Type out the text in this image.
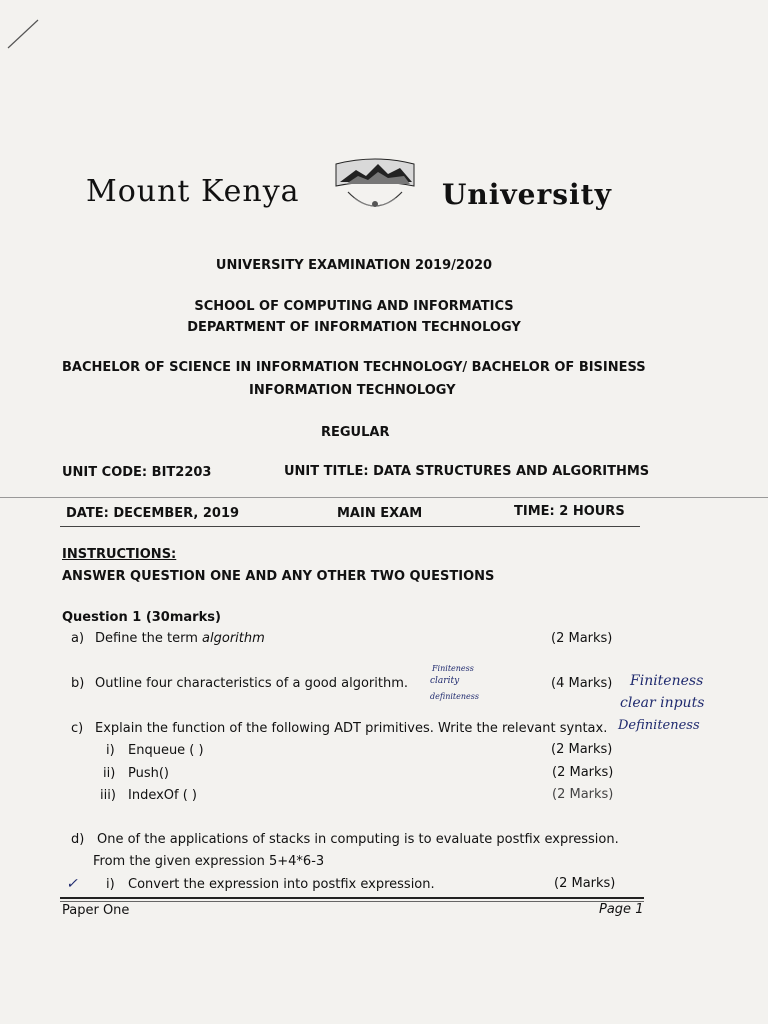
Mount Kenya	University
UNIVERSITY EXAMINATION 2019/2020
SCHOOL OF COMPUTING AND INFORMATICS
DEPARTMENT OF INFORMATION TECHNOLOGY
BACHELOR OF SCIENCE IN INFORMATION TECHNOLOGY/ BACHELOR OF BISINESS
INFORMATION TECHNOLOGY
REGULAR
UNIT CODE: BIT2203	UNIT TITLE: DATA STRUCTURES AND ALGORITHMS
DATE: DECEMBER, 2019	MAIN EXAM	TIME: 2 HOURS
INSTRUCTIONS:
ANSWER QUESTION ONE AND ANY OTHER TWO QUESTIONS
Question 1 (30marks)
a) Define the term algorithm	(2 Marks)
b) Outline four characteristics of a good algorithm.	(4 Marks)
Finiteness
clarity
definiteness
Finiteness
clear inputs
Definiteness
c) Explain the function of the following ADT primitives. Write the relevant syntax.
i) Enqueue ( )	(2 Marks)
ii) Push()	(2 Marks)
iii) IndexOf ( )	(2 Marks)
d) One of the applications of stacks in computing is to evaluate postfix expression.
From the given expression 5+4*6-3
✓ i) Convert the expression into postfix expression.	(2 Marks)
Paper One	Page 1
